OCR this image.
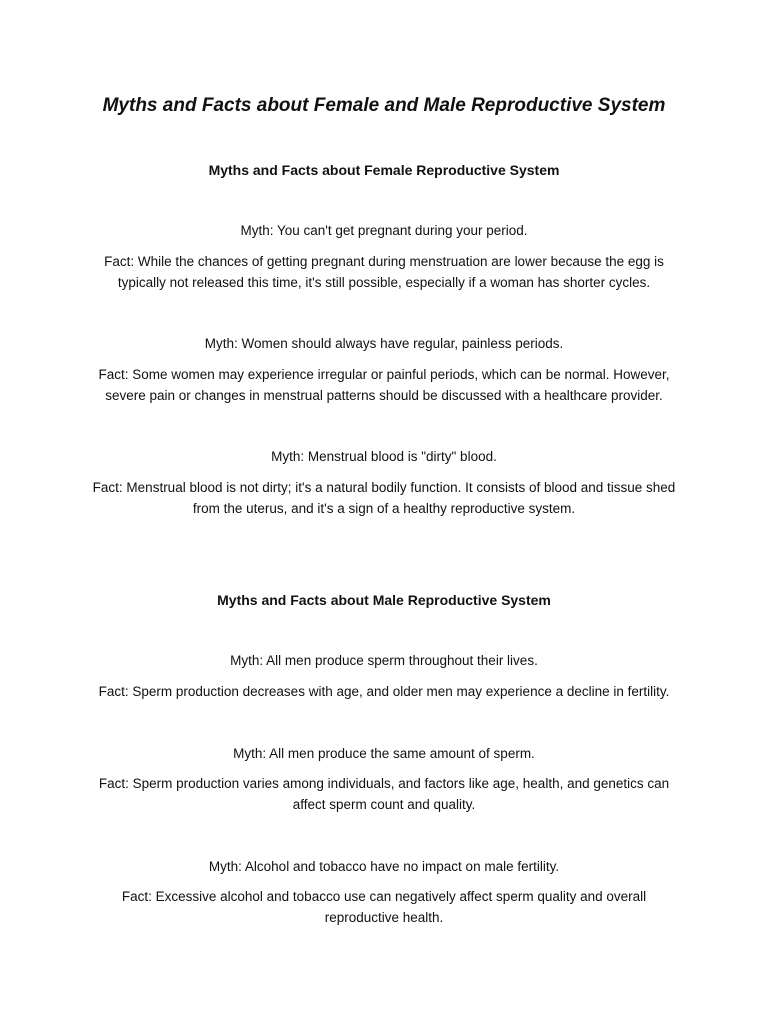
Myths and Facts about Female and Male Reproductive System
Myths and Facts about Female Reproductive System

Myth: You can't get pregnant during your period.

Fact: While the chances of getting pregnant during menstruation are lower because the egg is typically not released this time, it's still possible, especially if a woman has shorter cycles.

Myth: Women should always have regular, painless periods.

Fact: Some women may experience irregular or painful periods, which can be normal. However, severe pain or changes in menstrual patterns should be discussed with a healthcare provider.

Myth: Menstrual blood is "dirty" blood.

Fact: Menstrual blood is not dirty; it's a natural bodily function. It consists of blood and tissue shed from the uterus, and it's a sign of a healthy reproductive system.

Myths and Facts about Male Reproductive System

Myth: All men produce sperm throughout their lives.

Fact: Sperm production decreases with age, and older men may experience a decline in fertility.

Myth: All men produce the same amount of sperm.

Fact: Sperm production varies among individuals, and factors like age, health, and genetics can affect sperm count and quality.

Myth: Alcohol and tobacco have no impact on male fertility.

Fact: Excessive alcohol and tobacco use can negatively affect sperm quality and overall reproductive health.
